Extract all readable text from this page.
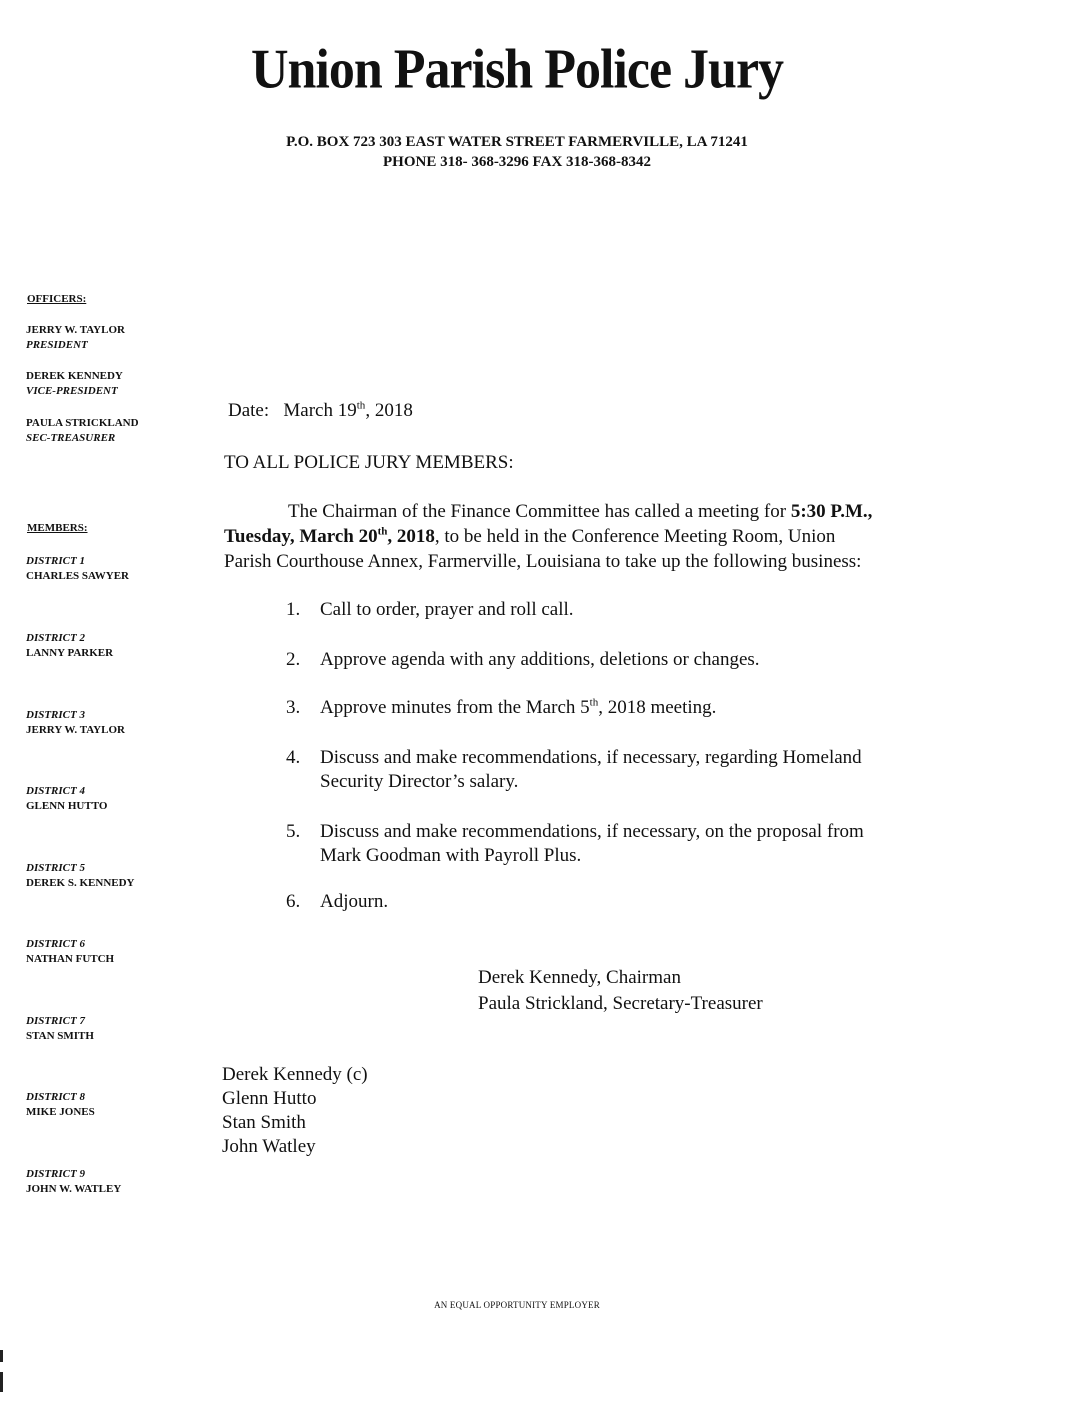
Union Parish Police Jury
P.O. BOX 723 303 EAST WATER STREET FARMERVILLE, LA 71241
PHONE 318- 368-3296 FAX 318-368-8342
OFFICERS:
JERRY W. TAYLOR
PRESIDENT
DEREK KENNEDY
VICE-PRESIDENT
PAULA STRICKLAND
SEC-TREASURER
MEMBERS:
DISTRICT 1
CHARLES SAWYER
DISTRICT 2
LANNY PARKER
DISTRICT 3
JERRY W. TAYLOR
DISTRICT 4
GLENN HUTTO
DISTRICT 5
DEREK S. KENNEDY
DISTRICT 6
NATHAN FUTCH
DISTRICT 7
STAN SMITH
DISTRICT 8
MIKE JONES
DISTRICT 9
JOHN W. WATLEY
Date: March 19th, 2018
TO ALL POLICE JURY MEMBERS:
The Chairman of the Finance Committee has called a meeting for 5:30 P.M.,
Tuesday, March 20th, 2018, to be held in the Conference Meeting Room, Union
Parish Courthouse Annex, Farmerville, Louisiana to take up the following business:
1. Call to order, prayer and roll call.
2. Approve agenda with any additions, deletions or changes.
3. Approve minutes from the March 5th, 2018 meeting.
4. Discuss and make recommendations, if necessary, regarding Homeland
Security Director’s salary.
5. Discuss and make recommendations, if necessary, on the proposal from
Mark Goodman with Payroll Plus.
6. Adjourn.
Derek Kennedy, Chairman
Paula Strickland, Secretary-Treasurer
Derek Kennedy (c)
Glenn Hutto
Stan Smith
John Watley
AN EQUAL OPPORTUNITY EMPLOYER
